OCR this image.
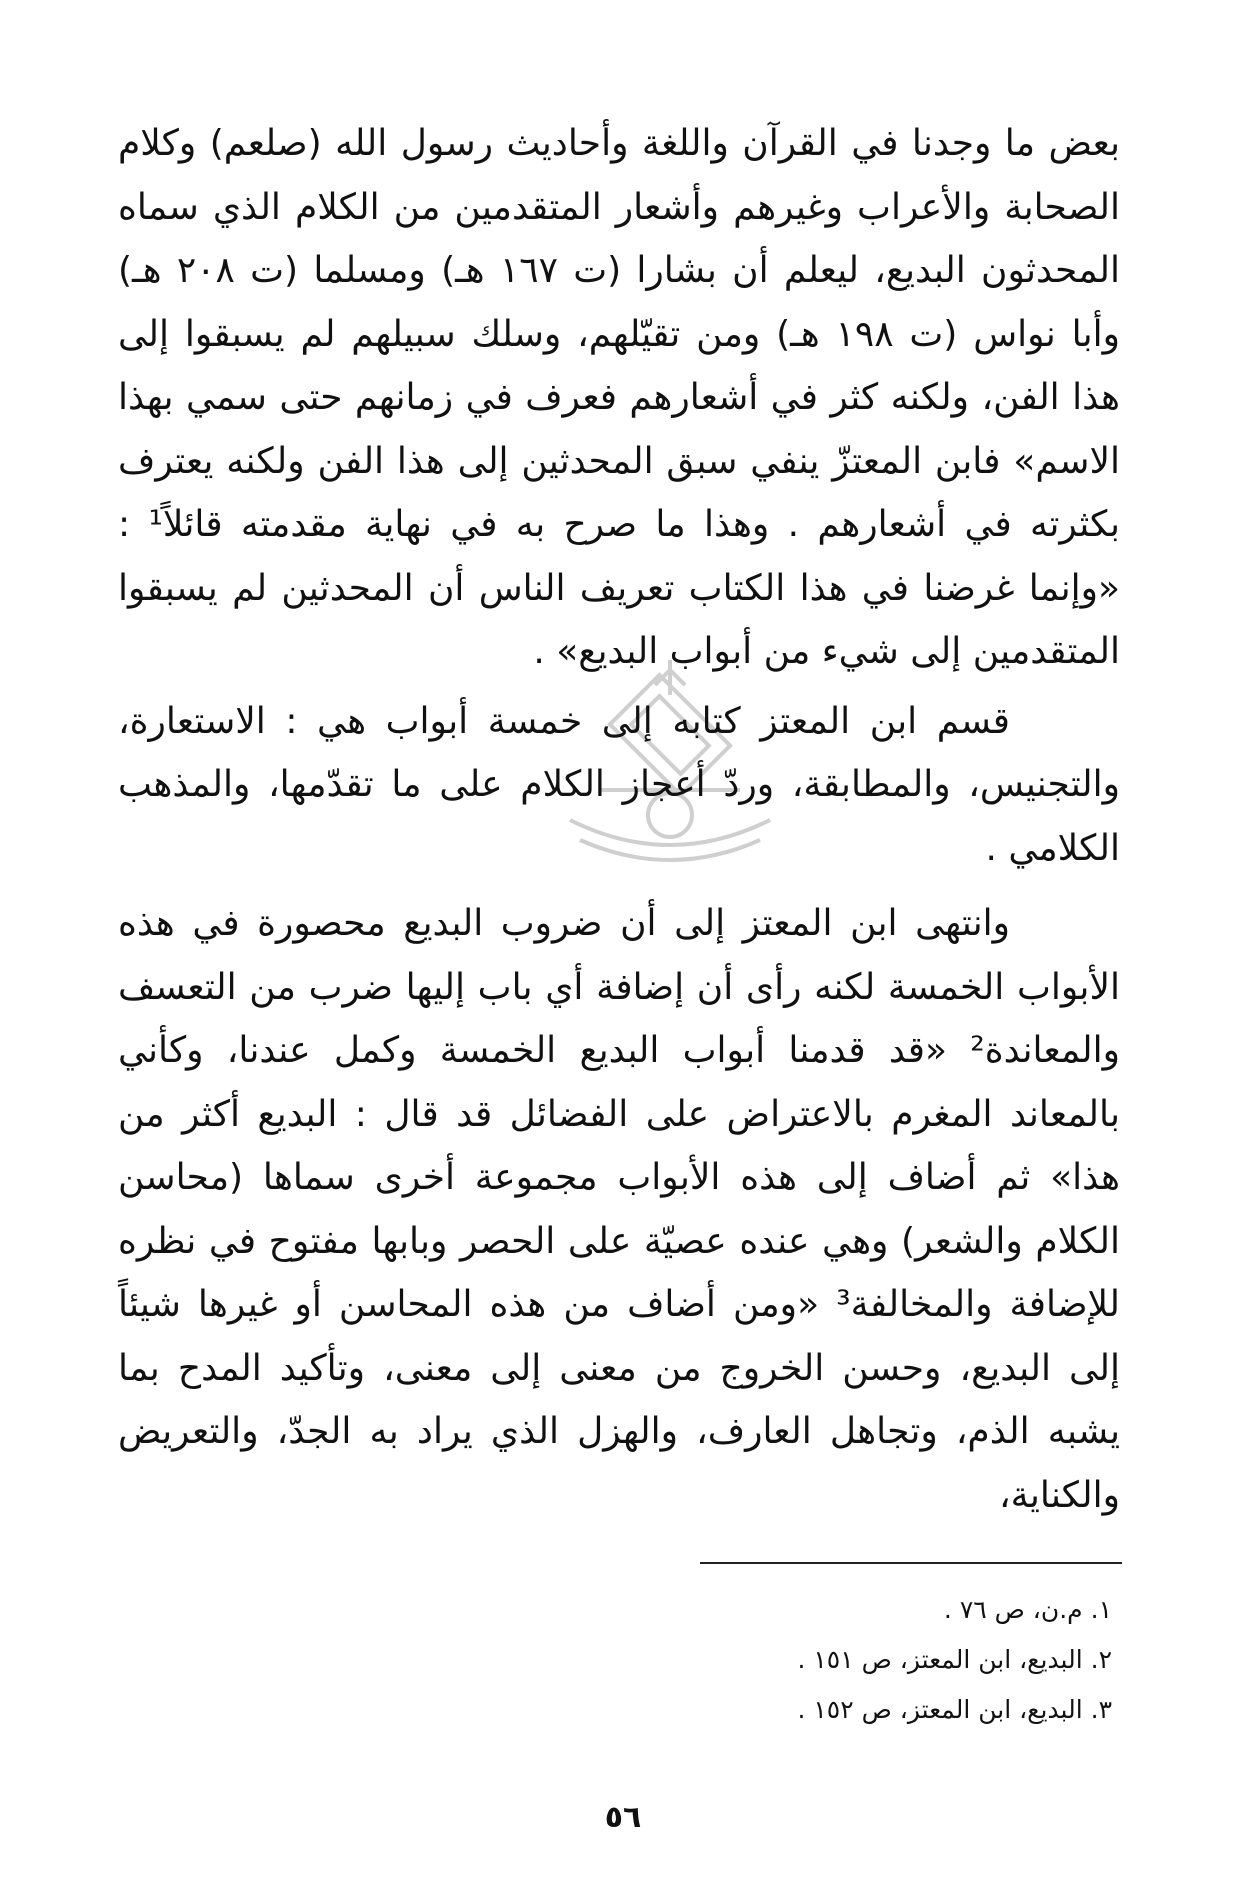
بعض ما وجدنا في القرآن واللغة وأحاديث رسول الله (صلعم) وكلام الصحابة والأعراب وغيرهم وأشعار المتقدمين من الكلام الذي سماه المحدثون البديع، ليعلم أن بشارا (ت ١٦٧ هـ) ومسلما (ت ٢٠٨ هـ) وأبا نواس (ت ١٩٨ هـ) ومن تقيّلهم، وسلك سبيلهم لم يسبقوا إلى هذا الفن، ولكنه كثر في أشعارهم فعرف في زمانهم حتى سمي بهذا الاسم» فابن المعتزّ ينفي سبق المحدثين إلى هذا الفن ولكنه يعترف بكثرته في أشعارهم . وهذا ما صرح به في نهاية مقدمته قائلاً¹ : «وإنما غرضنا في هذا الكتاب تعريف الناس أن المحدثين لم يسبقوا المتقدمين إلى شيء من أبواب البديع» .

قسم ابن المعتز كتابه إلى خمسة أبواب هي : الاستعارة، والتجنيس، والمطابقة، وردّ أعجاز الكلام على ما تقدّمها، والمذهب الكلامي .

وانتهى ابن المعتز إلى أن ضروب البديع محصورة في هذه الأبواب الخمسة لكنه رأى أن إضافة أي باب إليها ضرب من التعسف والمعاندة² «قد قدمنا أبواب البديع الخمسة وكمل عندنا، وكأني بالمعاند المغرم بالاعتراض على الفضائل قد قال : البديع أكثر من هذا» ثم أضاف إلى هذه الأبواب مجموعة أخرى سماها (محاسن الكلام والشعر) وهي عنده عصيّة على الحصر وبابها مفتوح في نظره للإضافة والمخالفة³ «ومن أضاف من هذه المحاسن أو غيرها شيئاً إلى البديع، وحسن الخروج من معنى إلى معنى، وتأكيد المدح بما يشبه الذم، وتجاهل العارف، والهزل الذي يراد به الجدّ، والتعريض والكناية،

١. م.ن، ص ٧٦ .

٢. البديع، ابن المعتز، ص ١٥١ .

٣. البديع، ابن المعتز، ص ١٥٢ .

٥٦
